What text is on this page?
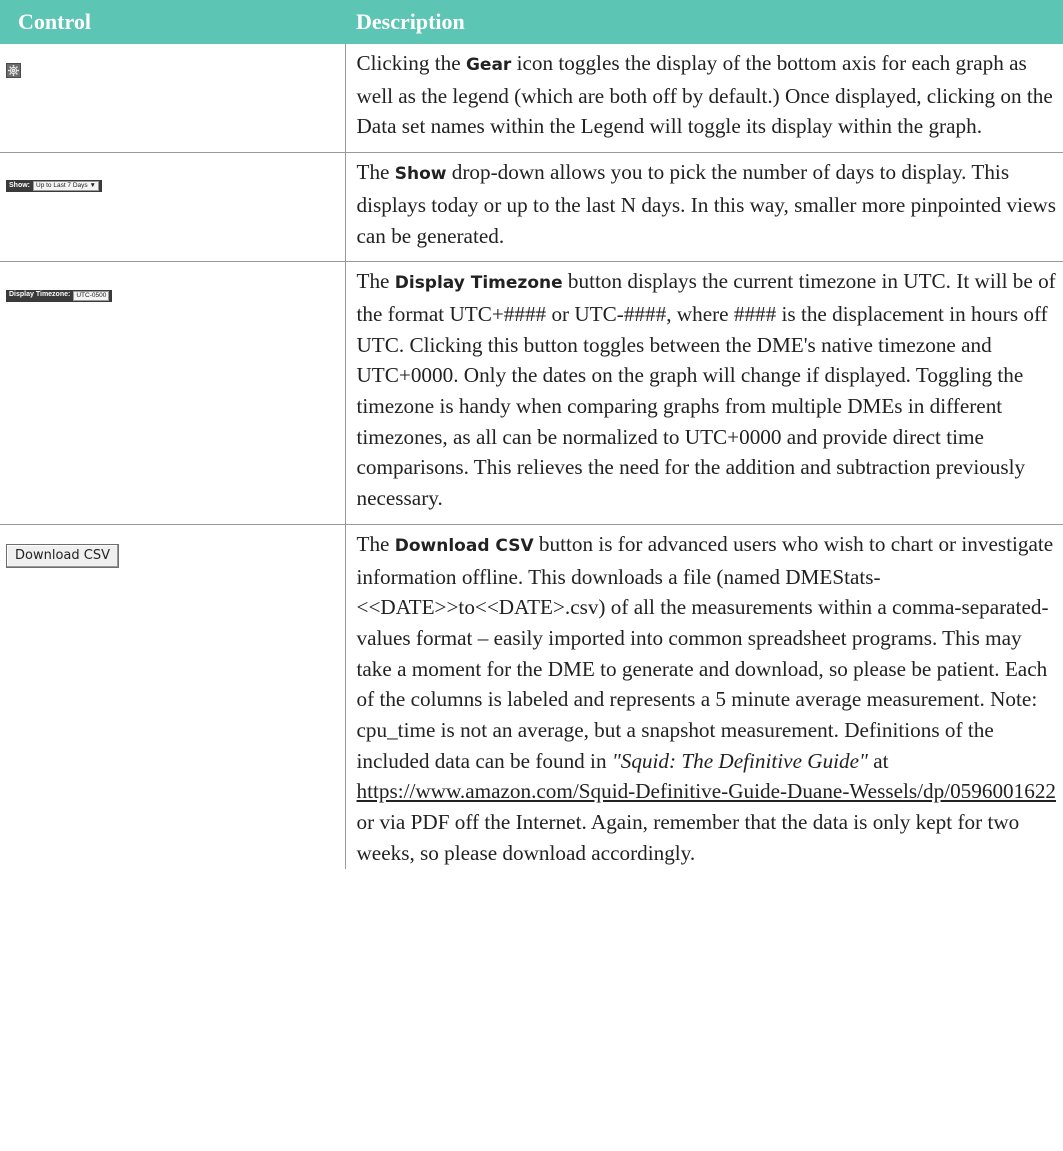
Control	Description

	Clicking the Gear icon toggles the display of the bottom axis for each graph as well as the legend (which are both off by default.) Once displayed, clicking on the Data set names within the Legend will toggle its display within the graph.

Show: Up to Last 7 Days ▼	The Show drop-down allows you to pick the number of days to display. This displays today or up to the last N days. In this way, smaller more pinpointed views can be generated.

Display Timezone: UTC-0500	The Display Timezone button displays the current timezone in UTC. It will be of the format UTC+#### or UTC-####, where #### is the displacement in hours off UTC. Clicking this button toggles between the DME's native timezone and UTC+0000. Only the dates on the graph will change if displayed. Toggling the timezone is handy when comparing graphs from multiple DMEs in different timezones, as all can be normalized to UTC+0000 and provide direct time comparisons. This relieves the need for the addition and subtraction previously necessary.
Download CSV	The Download CSV button is for advanced users who wish to chart or investigate information offline. This downloads a file (named DMEStats-<<DATE>>to<<DATE>.csv) of all the measurements within a comma-separated-values format – easily imported into common spreadsheet programs. This may take a moment for the DME to generate and download, so please be patient. Each of the columns is labeled and represents a 5 minute average measurement. Note: cpu_time is not an average, but a snapshot measurement. Definitions of the included data can be found in "Squid: The Definitive Guide" at https://www.amazon.com/Squid-Definitive-Guide-Duane-Wessels/dp/0596001622 or via PDF off the Internet. Again, remember that the data is only kept for two weeks, so please download accordingly.
